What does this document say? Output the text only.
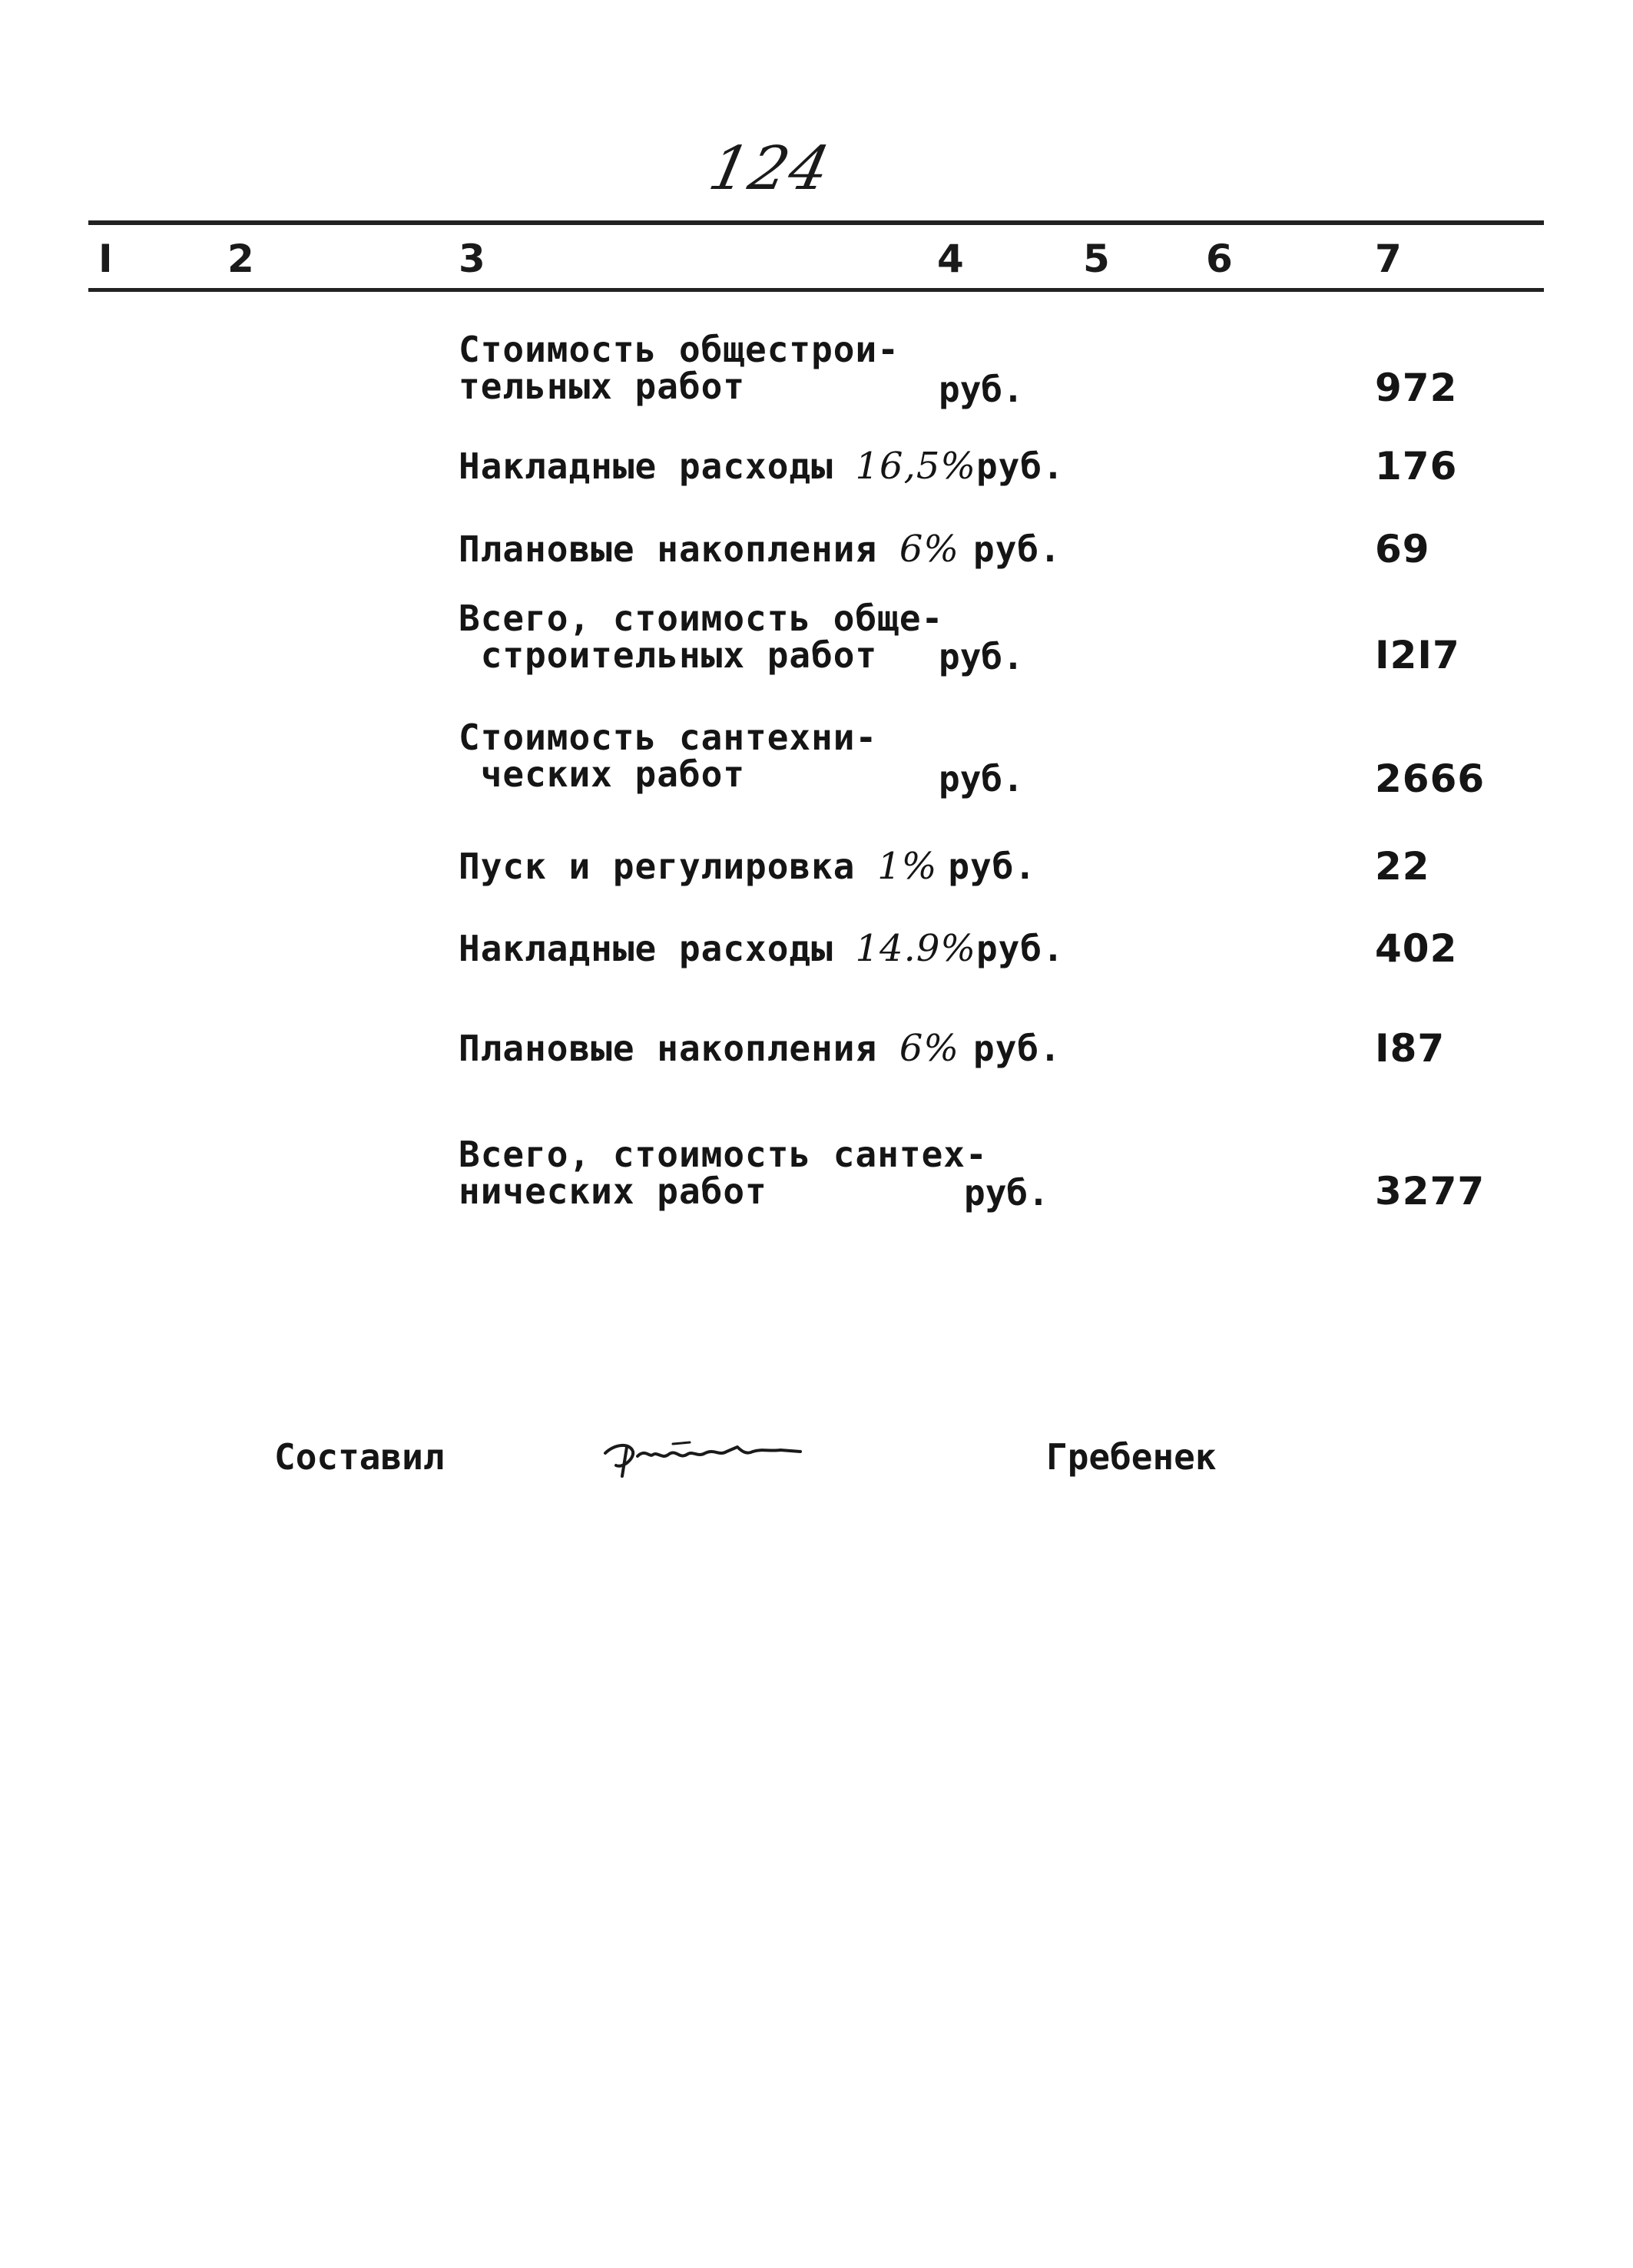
124
I	2	3	4	5	6	7
Стоимость общестрои-
тельных работ	руб.	972
Накладные расходы 16,5%руб.	176
Плановые накопления 6% руб.	69
Всего, стоимость обще-
строительных работ руб.	I2I7
Стоимость сантехни-
ческих работ	руб.	2666
Пуск и регулировка 1% руб.	22
Накладные расходы 14.9%руб.	402
Плановые накопления 6% руб.	I87
Всего, стоимость сантех-
нических работ	руб.	3277
Составил	Гребенек
